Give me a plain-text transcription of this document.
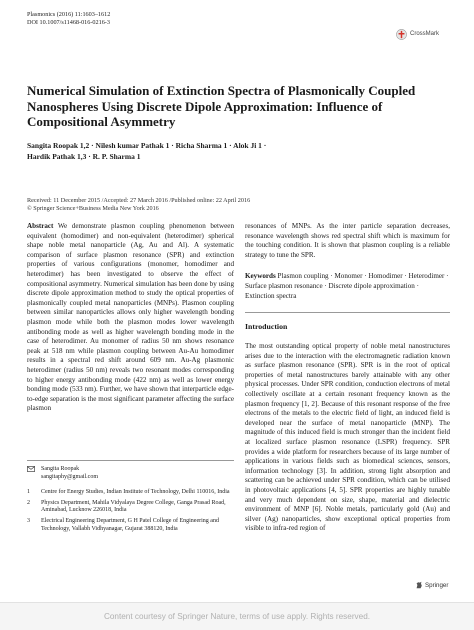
Plasmonics (2016) 11:1603–1612
DOI 10.1007/s11468-016-0216-3
CrossMark
Numerical Simulation of Extinction Spectra of Plasmonically Coupled Nanospheres Using Discrete Dipole Approximation: Influence of Compositional Asymmetry
Sangita Roopak 1,2 · Nilesh kumar Pathak 1 · Richa Sharma 1 · Alok Ji 1 ·
Hardik Pathak 1,3 · R. P. Sharma 1
Received: 11 December 2015 /Accepted: 27 March 2016 /Published online: 22 April 2016
© Springer Science+Business Media New York 2016
Abstract We demonstrate plasmon coupling phenomenon between equivalent (homodimer) and non-equivalent (heterodimer) spherical shape noble metal nanoparticle (Ag, Au and Al). A systematic comparison of surface plasmon resonance (SPR) and extinction properties of various configurations (monomer, homodimer and heterodimer) has been investigated to observe the effect of compositional asymmetry. Numerical simulation has been done by using discrete dipole approximation method to study the optical properties of plasmonically coupled metal nanoparticles (MNPs). Plasmon coupling between similar nanoparticles allows only higher wavelength bonding plasmon mode while both the plasmon modes lower wavelength antibonding mode as well as higher wavelength bonding mode in the case of heterodimer. Au monomer of radius 50 nm shows resonance peak at 518 nm while plasmon coupling between Au-Au homodimer results in a spectral red shift around 609 nm. Au-Ag plasmonic heterodimer (radius 50 nm) reveals two resonant modes corresponding to higher energy antibonding mode (422 nm) as well as lower energy bonding mode (533 nm). Further, we have shown that interparticle edge-to-edge separation is the most significant parameter affecting the surface plasmon
resonances of MNPs. As the inter particle separation decreases, resonance wavelength shows red spectral shift which is maximum for the touching condition. It is shown that plasmon coupling is a reliable strategy to tune the SPR.
Keywords Plasmon coupling · Monomer · Homodimer · Heterodimer · Surface plasmon resonance · Discrete dipole approximation · Extinction spectra
Introduction
The most outstanding optical property of noble metal nanostructures arises due to the interaction with the electromagnetic radiation known as surface plasmon resonance (SPR). SPR is in the root of optical properties of metal nanostructures barely attainable with any other physical processes. Under SPR condition, conduction electrons of metal collectively oscillate at a certain resonant frequency known as the plasmon frequency [1, 2]. Because of this resonant response of the free electrons of the metals to the electric field of light, an induced field is developed near the surface of metal nanoparticle (MNP). The magnitude of this induced field is much stronger than the incident field at localized surface plasmon resonance (LSPR) frequency. SPR provides a wide platform for researchers because of its large number of applications in various fields such as biomedical sciences, sensors, information technology [3]. In addition, strong light absorption and scattering can be achieved under SPR condition, which can be utilised in photovoltaic applications [4, 5]. SPR properties are highly tunable and very much dependent on size, shape, material and dielectric environment of MNP [6]. Noble metals, particularly gold (Au) and silver (Ag) nanoparticles, show exceptional optical properties from visible to infra-red region of
Sangita Roopak
sangitaphy@gmail.com
1	Centre for Energy Studies, Indian Institute of Technology, Delhi 110016, India
2	Physics Department, Mahila Vidyalaya Degree College, Ganga Prasad Road, Aminabad, Lucknow 226018, India
3	Electrical Engineering Department, G H Patel College of Engineering and Technology, Vallabh Vidhyanagar, Gujarat 388120, India
Springer
Content courtesy of Springer Nature, terms of use apply. Rights reserved.
